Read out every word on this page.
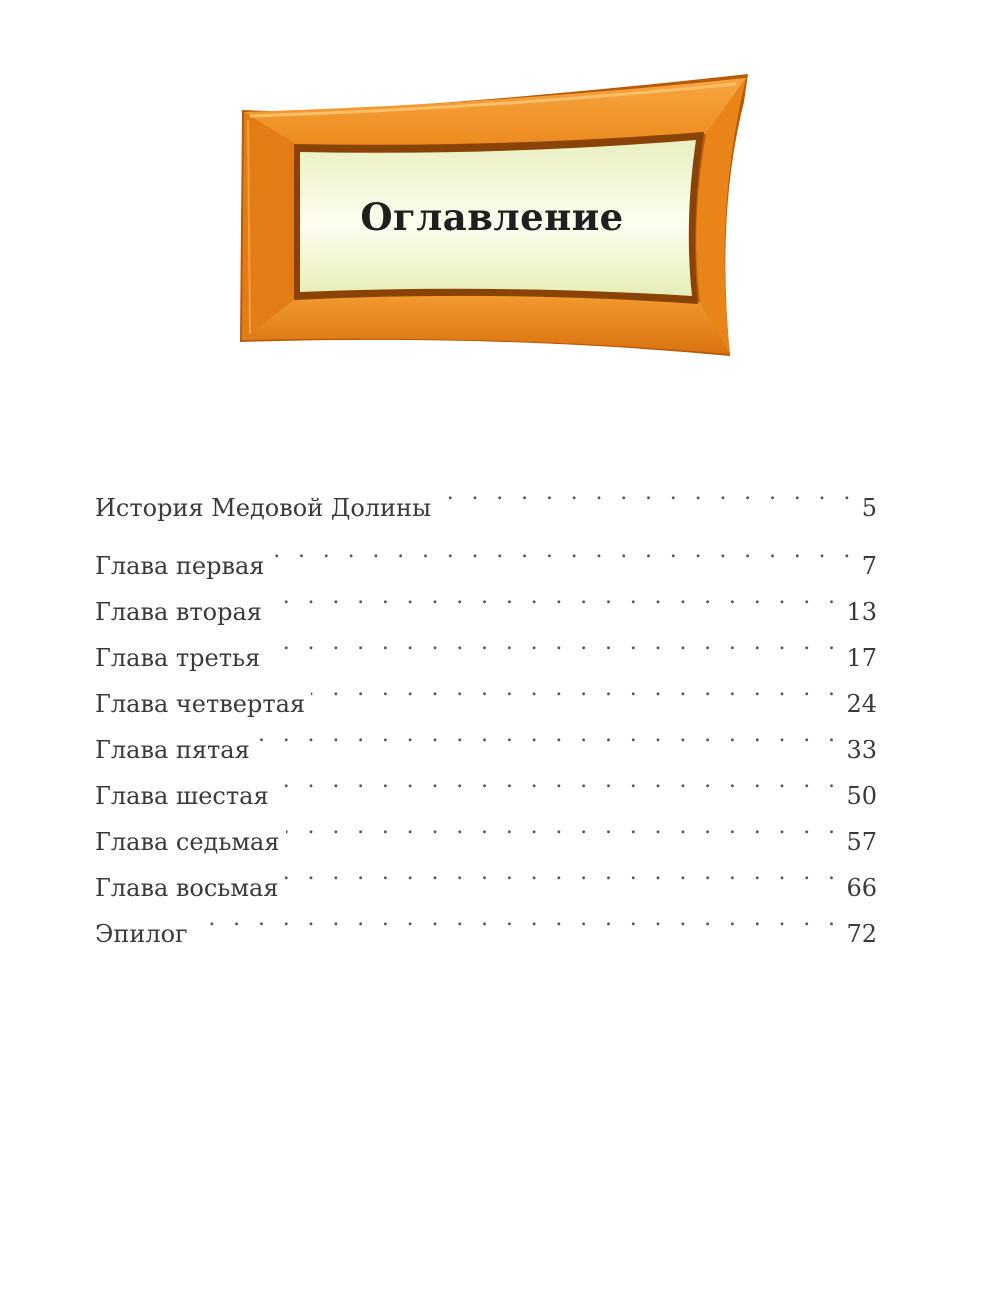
Оглавление
История Медовой Долины . . .	5
Глава первая . . .	7
Глава вторая . . .	13
Глава третья . . .	17
Глава четвертая . . .	24
Глава пятая . . .	33
Глава шестая . . .	50
Глава седьмая . . .	57
Глава восьмая . . .	66
Эпилог . . .	72
